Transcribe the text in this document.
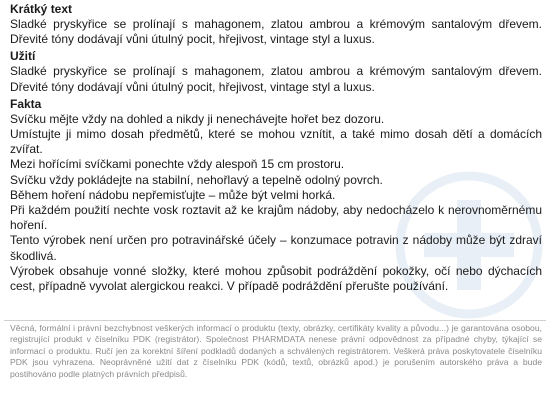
Krátký text
Sladké pryskyřice se prolínají s mahagonem, zlatou ambrou a krémovým santalovým dřevem. Dřevité tóny dodávají vůni útulný pocit, hřejivost, vintage styl a luxus.
Užití
Sladké pryskyřice se prolínají s mahagonem, zlatou ambrou a krémovým santalovým dřevem. Dřevité tóny dodávají vůni útulný pocit, hřejivost, vintage styl a luxus.
Fakta
Svíčku mějte vždy na dohled a nikdy ji nenechávejte hořet bez dozoru.
Umístujte ji mimo dosah předmětů, které se mohou vznítit, a také mimo dosah dětí a domácích zvířat.
Mezi hořícími svíčkami ponechte vždy alespoň 15 cm prostoru.
Svíčku vždy pokládejte na stabilní, nehořlavý a tepelně odolný povrch.
Během hoření nádobu nepřemisťujte – může být velmi horká.
Při každém použití nechte vosk roztavit až ke krajům nádoby, aby nedocházelo k nerovnoměrnému hoření.
Tento výrobek není určen pro potravinářské účely – konzumace potravin z nádoby může být zdraví škodlivá.
Výrobek obsahuje vonné složky, které mohou způsobit podráždění pokožky, očí nebo dýchacích cest, případně vyvolat alergickou reakci. V případě podráždění přerušte používání.
Věcná, formální i právní bezchybnost veškerých informací o produktu (texty, obrázky, certifikáty kvality a původu...) je garantována osobou, registrující produkt v číselníku PDK (registrátor). Společnost PHARMDATA nenese právní odpovědnost za případné chyby, týkající se informací o produktu. Ručí jen za korektní šíření podkladů dodaných a schválených registrátorem. Veškerá práva poskytovatele číselníku PDK jsou vyhrazena. Neoprávněné užití dat z číselníku PDK (kódů, textů, obrázků apod.) je porušením autorského práva a bude postihováno podle platných právních předpisů.
